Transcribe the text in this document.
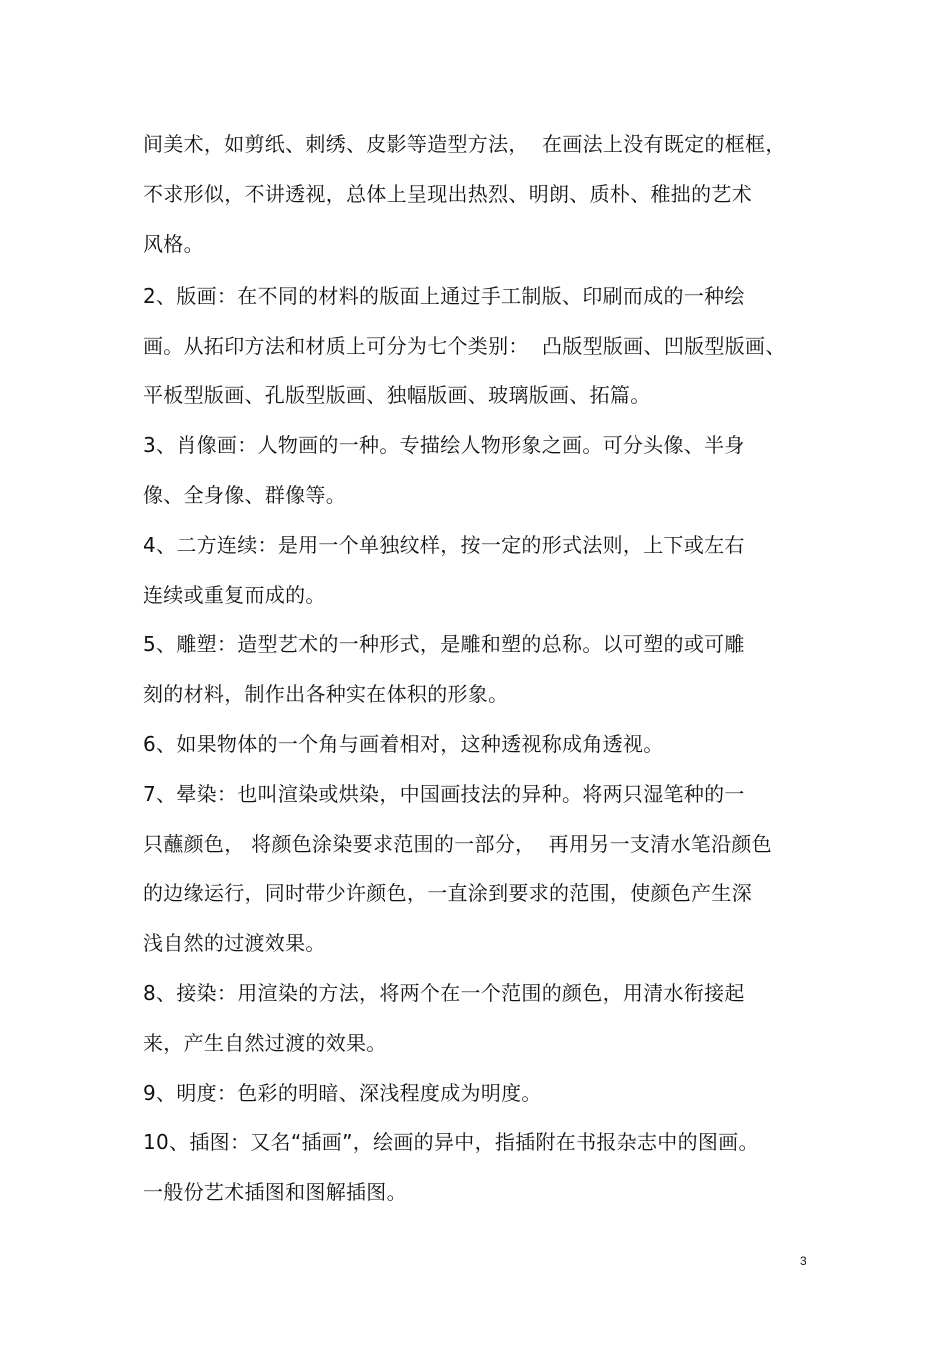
间美术，如剪纸、刺绣、皮影等造型方法，  在画法上没有既定的框框，
不求形似，不讲透视，总体上呈现出热烈、明朗、质朴、稚拙的艺术
风格。
2、版画：在不同的材料的版面上通过手工制版、印刷而成的一种绘
画。从拓印方法和材质上可分为七个类别：  凸版型版画、凹版型版画、
平板型版画、孔版型版画、独幅版画、玻璃版画、拓篇。
3、肖像画：人物画的一种。专描绘人物形象之画。可分头像、半身
像、全身像、群像等。
4、二方连续：是用一个单独纹样，按一定的形式法则，上下或左右
连续或重复而成的。
5、雕塑：造型艺术的一种形式，是雕和塑的总称。以可塑的或可雕
刻的材料，制作出各种实在体积的形象。
6、如果物体的一个角与画着相对，这种透视称成角透视。
7、晕染：也叫渲染或烘染，中国画技法的异种。将两只湿笔种的一
只蘸颜色， 将颜色涂染要求范围的一部分，  再用另一支清水笔沿颜色
的边缘运行，同时带少许颜色，一直涂到要求的范围，使颜色产生深
浅自然的过渡效果。
8、接染：用渲染的方法，将两个在一个范围的颜色，用清水衔接起
来，产生自然过渡的效果。
9、明度：色彩的明暗、深浅程度成为明度。
10、插图：又名“插画”，绘画的异中，指插附在书报杂志中的图画。
一般份艺术插图和图解插图。
3
